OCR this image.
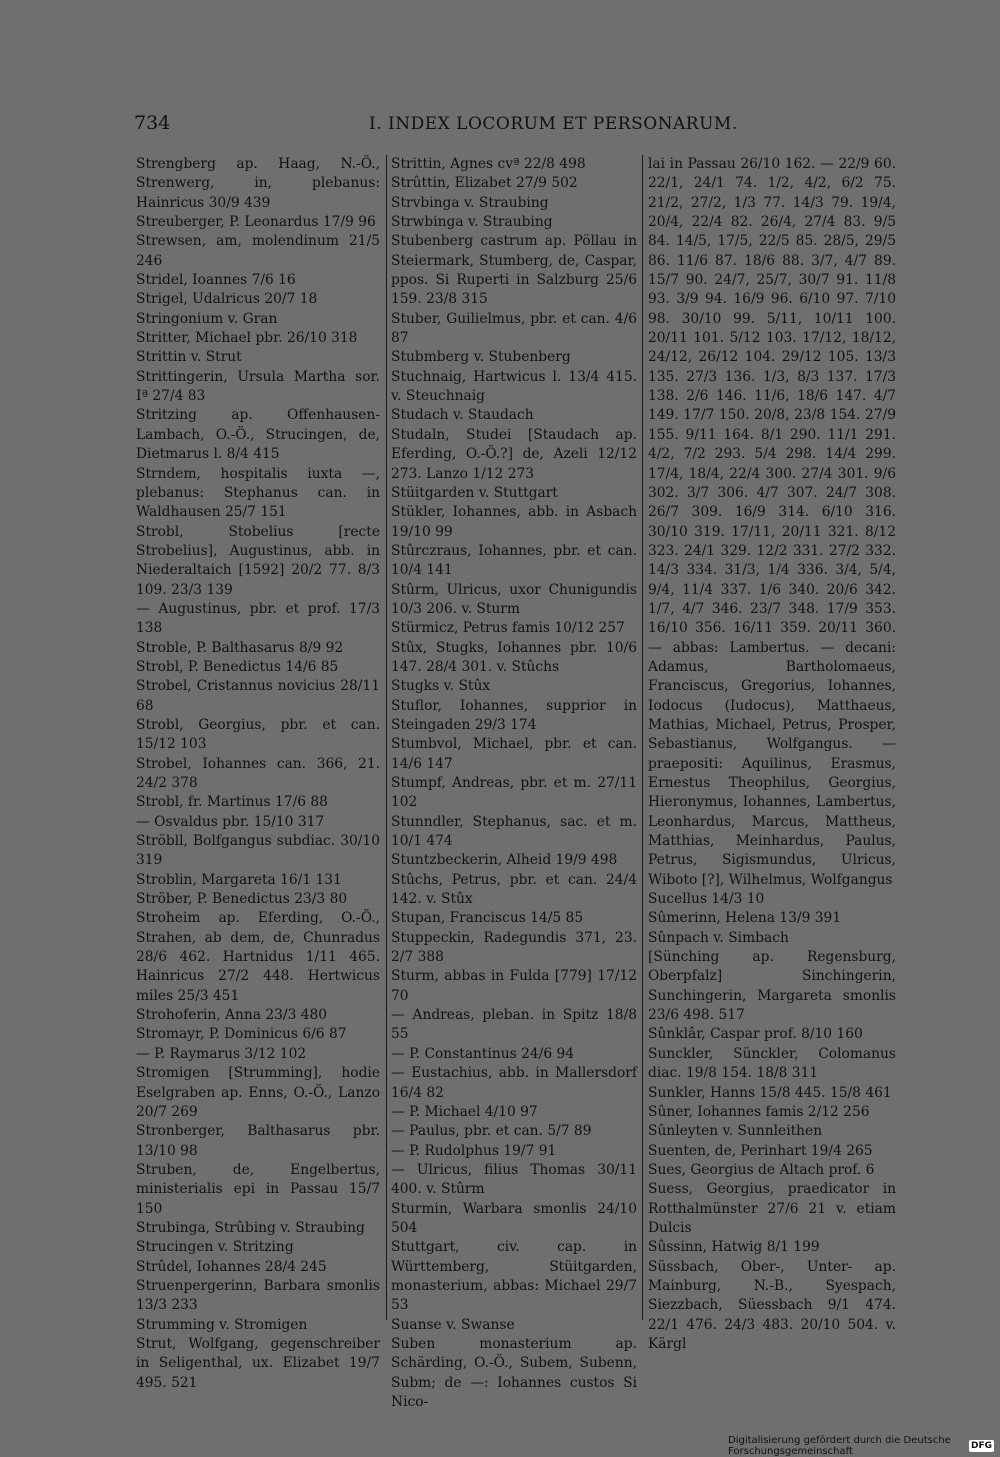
734	I. INDEX LOCORUM ET PERSONARUM.
Strengberg ap. Haag, N.-Ö., Strenwerg, in, plebanus: Hainricus 30/9 439
Streuberger, P. Leonardus 17/9 96
Strewsen, am, molendinum 21/5 246
Stridel, Ioannes 7/6 16
Strigel, Udalricus 20/7 18
Stringonium v. Gran
Stritter, Michael pbr. 26/10 318
Strittin v. Strut
Strittingerin, Ursula Martha sor. Iª 27/4 83
Stritzing ap. Offenhausen-Lambach, O.-Ö., Strucingen, de, Dietmarus l. 8/4 415
Strndem, hospitalis iuxta —, plebanus: Stephanus can. in Waldhausen 25/7 151
Strobl, Stobelius [recte Strobelius], Augustinus, abb. in Niederaltaich [1592] 20/2 77. 8/3 109. 23/3 139
— Augustinus, pbr. et prof. 17/3 138
Stroble, P. Balthasarus 8/9 92
Strobl, P. Benedictus 14/6 85
Strobel, Cristannus novicius 28/11 68
Strobl, Georgius, pbr. et can. 15/12 103
Strobel, Iohannes can. 366, 21. 24/2 378
Strobl, fr. Martinus 17/6 88
— Osvaldus pbr. 15/10 317
Ströbll, Bolfgangus subdiac. 30/10 319
Stroblin, Margareta 16/1 131
Ströber, P. Benedictus 23/3 80
Stroheim ap. Eferding, O.-Ö., Strahen, ab dem, de, Chunradus 28/6 462. Hartnidus 1/11 465. Hainricus 27/2 448. Hertwicus miles 25/3 451
Strohoferin, Anna 23/3 480
Stromayr, P. Dominicus 6/6 87
— P. Raymarus 3/12 102
Stromigen [Strumming], hodie Eselgraben ap. Enns, O.-Ö., Lanzo 20/7 269
Stronberger, Balthasarus pbr. 13/10 98
Struben, de, Engelbertus, ministerialis epi in Passau 15/7 150
Strubinga, Strûbing v. Straubing
Strucingen v. Stritzing
Strûdel, Iohannes 28/4 245
Struenpergerinn, Barbara smonlis 13/3 233
Strumming v. Stromigen
Strut, Wolfgang, gegenschreiber in Seligenthal, ux. Elizabet 19/7 495. 521
Strittin, Agnes cvª 22/8 498
Strûttin, Elizabet 27/9 502
Strvbinga v. Straubing
Strwbinga v. Straubing
Stubenberg castrum ap. Pöllau in Steiermark, Stumberg, de, Caspar, ppos. Si Ruperti in Salzburg 25/6 159. 23/8 315
Stuber, Guilielmus, pbr. et can. 4/6 87
Stubmberg v. Stubenberg
Stuchnaig, Hartwicus l. 13/4 415. v. Steuchnaig
Studach v. Staudach
Studaln, Studei [Staudach ap. Eferding, O.-Ö.?] de, Azeli 12/12 273. Lanzo 1/12 273
Stüitgarden v. Stuttgart
Stükler, Iohannes, abb. in Asbach 19/10 99
Stûrczraus, Iohannes, pbr. et can. 10/4 141
Stûrm, Ulricus, uxor Chunigundis 10/3 206. v. Sturm
Stürmicz, Petrus famis 10/12 257
Stûx, Stugks, Iohannes pbr. 10/6 147. 28/4 301. v. Stûchs
Stugks v. Stûx
Stuflor, Iohannes, supprior in Steingaden 29/3 174
Stumbvol, Michael, pbr. et can. 14/6 147
Stumpf, Andreas, pbr. et m. 27/11 102
Stunndler, Stephanus, sac. et m. 10/1 474
Stuntzbeckerin, Alheid 19/9 498
Stûchs, Petrus, pbr. et can. 24/4 142. v. Stûx
Stupan, Franciscus 14/5 85
Stuppeckin, Radegundis 371, 23. 2/7 388
Sturm, abbas in Fulda [779] 17/12 70
— Andreas, pleban. in Spitz 18/8 55
— P. Constantinus 24/6 94
— Eustachius, abb. in Mallersdorf 16/4 82
— P. Michael 4/10 97
— Paulus, pbr. et can. 5/7 89
— P. Rudolphus 19/7 91
— Ulricus, filius Thomas 30/11 400. v. Stûrm
Sturmin, Warbara smonlis 24/10 504
Stuttgart, civ. cap. in Württemberg, Stüitgarden, monasterium, abbas: Michael 29/7 53
Suanse v. Swanse
Suben monasterium ap. Schärding, O.-Ö., Subem, Subenn, Subm; de —: Iohannes custos Si Nico-
lai in Passau 26/10 162. — 22/9 60. 22/1, 24/1 74. 1/2, 4/2, 6/2 75. 21/2, 27/2, 1/3 77. 14/3 79. 19/4, 20/4, 22/4 82. 26/4, 27/4 83. 9/5 84. 14/5, 17/5, 22/5 85. 28/5, 29/5 86. 11/6 87. 18/6 88. 3/7, 4/7 89. 15/7 90. 24/7, 25/7, 30/7 91. 11/8 93. 3/9 94. 16/9 96. 6/10 97. 7/10 98. 30/10 99. 5/11, 10/11 100. 20/11 101. 5/12 103. 17/12, 18/12, 24/12, 26/12 104. 29/12 105. 13/3 135. 27/3 136. 1/3, 8/3 137. 17/3 138. 2/6 146. 11/6, 18/6 147. 4/7 149. 17/7 150. 20/8, 23/8 154. 27/9 155. 9/11 164. 8/1 290. 11/1 291. 4/2, 7/2 293. 5/4 298. 14/4 299. 17/4, 18/4, 22/4 300. 27/4 301. 9/6 302. 3/7 306. 4/7 307. 24/7 308. 26/7 309. 16/9 314. 6/10 316. 30/10 319. 17/11, 20/11 321. 8/12 323. 24/1 329. 12/2 331. 27/2 332. 14/3 334. 31/3, 1/4 336. 3/4, 5/4, 9/4, 11/4 337. 1/6 340. 20/6 342. 1/7, 4/7 346. 23/7 348. 17/9 353. 16/10 356. 16/11 359. 20/11 360. — abbas: Lambertus. — decani: Adamus, Bartholomaeus, Franciscus, Gregorius, Iohannes, Iodocus (Iudocus), Matthaeus, Mathias, Michael, Petrus, Prosper, Sebastianus, Wolfgangus. — praepositi: Aquilinus, Erasmus, Ernestus Theophilus, Georgius, Hieronymus, Iohannes, Lambertus, Leonhardus, Marcus, Mattheus, Matthias, Meinhardus, Paulus, Petrus, Sigismundus, Ulricus, Wiboto [?], Wilhelmus, Wolfgangus
Sucellus 14/3 10
Sûmerinn, Helena 13/9 391
Sûnpach v. Simbach
[Sünching ap. Regensburg, Oberpfalz] Sinchingerin, Sunchingerin, Margareta smonlis 23/6 498. 517
Sûnklâr, Caspar prof. 8/10 160
Sunckler, Sünckler, Colomanus diac. 19/8 154. 18/8 311
Sunkler, Hanns 15/8 445. 15/8 461
Sûner, Iohannes famis 2/12 256
Sûnleyten v. Sunnleithen
Suenten, de, Perinhart 19/4 265
Sues, Georgius de Altach prof. 6
Suess, Georgius, praedicator in Rotthalmünster 27/6 21 v. etiam Dulcis
Sûssinn, Hatwig 8/1 199
Süssbach, Ober-, Unter- ap. Mainburg, N.-B., Syespach, Siezzbach, Süessbach 9/1 474. 22/1 476. 24/3 483. 20/10 504. v. Kärgl
Digitalisierung gefördert durch die Deutsche Forschungsgemeinschaft	DFG
